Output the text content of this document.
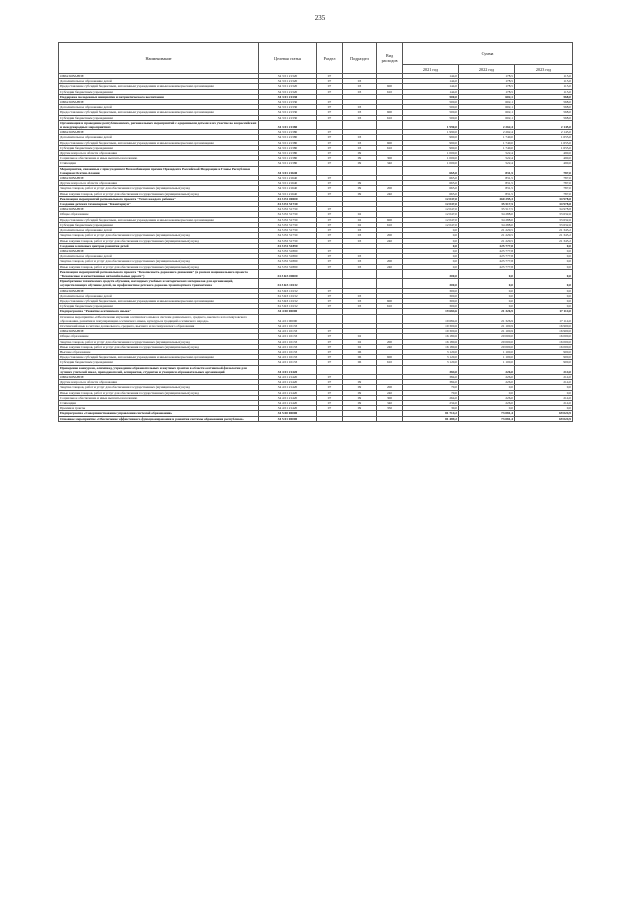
235
Наименование	Целевая статья	Раздел	Подраздел	Вид расходов	Сумма		
					2021 год	2022 год	2023 год
ОБРАЗОВАНИЕ	34 3 01 21320	07			144,0	178,5	115,0
Дополнительное образование детей	34 3 01 21320	07	03		144,0	178,5	115,0
Предоставление субсидий бюджетным, автономным учреждениям и иным некоммерческим организациям	34 3 01 21320	07	03	600	144,0	178,5	115,0
Субсидии бюджетным учреждениям	34 3 01 21320	07	03	610	144,0	178,5	115,0
Поддержка молодежных инициатив и патриотического воспитания	34 3 01 21330				500,0	602,1	568,0
ОБРАЗОВАНИЕ	34 3 01 21330	07			500,0	602,1	568,0
Дополнительное образование детей	34 3 01 21330	07	03		500,0	602,1	568,0
Предоставление субсидий бюджетным, автономным учреждениям и иным некоммерческим организациям	34 3 01 21330	07	03	600	500,0	602,1	568,0
Субсидии бюджетным учреждениям	34 3 01 21330	07	03	610	500,0	602,1	568,0
Организация и проведение республиканских, региональных мероприятий с одаренными детьми и их участие во всероссийских и международных мероприятиях	34 3 01 21380				1 990,0	2 262,4	2 145,0
ОБРАЗОВАНИЕ	34 3 01 21380	07			1 990,0	2 262,4	2 145,0
Дополнительное образование детей	34 3 01 21380	07	03		990,0	1 740,0	1 655,0
Предоставление субсидий бюджетным, автономным учреждениям и иным некоммерческим организациям	34 3 01 21380	07	03	600	990,0	1 740,0	1 655,0
Субсидии бюджетным учреждениям	34 3 01 21380	07	03	610	990,0	1 740,0	1 655,0
Другие вопросы в области образования	34 3 01 21380	07	09		1 000,0	522,4	490,0
Социальное обеспечение и иные выплаты населению	34 3 01 21380	07	09	300	1 000,0	522,4	490,0
Стипендии	34 3 01 21380	07	09	340	1 000,0	522,4	490,0
Мероприятия, связанные с присуждением Всекомбинации премии Президента Российской Федерации и Главы Республики Северная Осетия-Алания	34 3 01 21640				665,0	831,5	787,0
ОБРАЗОВАНИЕ	34 3 01 21640	07			665,0	831,5	787,0
Другие вопросы в области образования	34 3 01 21640	07	09		665,0	831,5	787,0
Закупка товаров, работ и услуг для обеспечения государственных (муниципальных) нужд	34 3 01 21640	07	09	200	665,0	831,5	787,0
Иные закупки товаров, работ и услуг для обеспечения государственных (муниципальных) нужд	34 3 01 21640	07	09	240	665,0	831,5	787,0
Реализация мероприятий регионального проекта "Успех каждого ребенка"	34 3 E2 00000				12 047,0	260 295,3	34 978,8
Создание детских технопарков "Кванториум"	34 3 E2 51730				12 047,0	35 517,5	34 978,8
ОБРАЗОВАНИЕ	34 3 E2 51730	07			12 047,0	35 517,5	34 978,8
Общее образование	34 3 E2 51730	07	02		12 047,0	34 288,0	33 632,6
Предоставление субсидий бюджетным, автономным учреждениям и иным некоммерческим организациям	34 3 E2 51730	07	02	600	12 047,0	34 288,0	33 632,6
Субсидии бюджетным учреждениям	34 3 E2 51730	07	02	610	12 047,0	34 288,0	33 632,6
Дополнительное образование детей	34 3 E2 51730	07	03		0,0	21 229,5	21 345,2
Закупка товаров, работ и услуг для обеспечения государственных (муниципальных) нужд	34 3 E2 51730	07	03	200	0,0	21 229,5	21 345,2
Иные закупки товаров, работ и услуг для обеспечения государственных (муниципальных) нужд	34 3 E2 51730	07	03	240	0,0	21 229,5	21 345,2
Создание ключевых центров развития детей	34 3 E2 51890				0,0	225 777,8	0,0
ОБРАЗОВАНИЕ	34 3 E2 51890	07			0,0	225 777,8	0,0
Дополнительное образование детей	34 3 E2 51890	07	03		0,0	225 777,8	0,0
Закупка товаров, работ и услуг для обеспечения государственных (муниципальных) нужд	34 3 E2 51890	07	03	200	0,0	225 777,8	0,0
Иные закупки товаров, работ и услуг для обеспечения государственных (муниципальных) нужд	34 3 E2 51890	07	03	240	0,0	225 777,8	0,0
Реализация мероприятий регионального проекта "Безопасность дорожного движения" (в рамках национального проекта "Безопасные и качественные автомобильные дороги")	34 3 R3 00000				300,0	0,0	0,0
Приобретение технических средств обучения, наглядных учебных и методических материалов для организаций, осуществляющих обучение детей, по профилактике детского дорожно-транспортного травматизма	34 3 R3 10132				300,0	0,0	0,0
ОБРАЗОВАНИЕ	34 3 R3 10132	07			300,0	0,0	0,0
Дополнительное образование детей	34 3 R3 10132	07	03		300,0	0,0	0,0
Предоставление субсидий бюджетным, автономным учреждениям и иным некоммерческим организациям	34 3 R3 10132	07	03	600	300,0	0,0	0,0
Субсидии бюджетным учреждениям	34 3 R3 10132	07	03	610	300,0	0,0	0,0
Подпрограмма "Развитие осетинского языка"	34 4 00 00000				19 684,6	21 326,9	17 114,0
Основное мероприятие «Обеспечение изучения осетинского языка в системе дошкольного, среднего, высшего и послевузовского образования, развития и популяризации осетинского языка, культуры и традиций осетинского народа»	34 4 01 00000				19 684,6	21 326,9	17 114,0
Осетинский язык в системе дошкольного, среднего, высшего и послевузовского образования	34 4 01 10133				19 300,6	21 100,9	16 900,0
ОБРАЗОВАНИЕ	34 4 01 10133	07			19 300,6	21 100,9	16 900,0
Общее образование	34 4 01 10133	07	02		16 180,6	20 000,0	16 000,0
Закупка товаров, работ и услуг для обеспечения государственных (муниципальных) нужд	34 4 01 10133	07	02	200	16 180,6	20 000,0	16 000,0
Иные закупки товаров, работ и услуг для обеспечения государственных (муниципальных) нужд	34 4 01 10133	07	02	240	16 180,6	20 000,0	16 000,0
Высшее образование	34 4 01 10133	07	06		3 120,0	1 100,0	900,0
Предоставление субсидий бюджетным, автономным учреждениям и иным некоммерческим организациям	34 4 01 10133	07	06	600	3 120,0	1 100,0	900,0
Субсидии бюджетным учреждениям	34 4 01 10133	07	06	610	3 120,0	1 100,0	900,0
Проведение конкурсов, олимпиад, учреждение образовательных и научных грантов в области осетинской филологии для лучших учителей школ, преподавателей, аспирантов, студентов и учащихся образовательных организаций	34 4 01 21420				384,0	226,0	214,0
ОБРАЗОВАНИЕ	34 4 01 21420	07			384,0	226,0	214,0
Другие вопросы в области образования	34 4 01 21420	07	09		384,0	226,0	214,0
Закупка товаров, работ и услуг для обеспечения государственных (муниципальных) нужд	34 4 01 21420	07	09	200	70,0	0,0	0,0
Иные закупки товаров, работ и услуг для обеспечения государственных (муниципальных) нужд	34 4 01 21420	07	09	240	70,0	0,0	0,0
Социальное обеспечение и иные выплаты населению	34 4 01 21420	07	09	300	264,0	226,0	214,0
Стипендии	34 4 01 21420	07	09	340	234,0	226,0	214,0
Премии и гранты	34 4 01 21420	07	09	350	30,0	0,0	0,0
Подпрограмма «Совершенствование управления системой образования»	34 5 00 00000				81 714,2	73 081,4	69 024,9
Основное мероприятие «Обеспечение эффективного функционирования и развития системы образования республики»	34 5 01 00000				81 489,2	73 081,4	69 024,9
